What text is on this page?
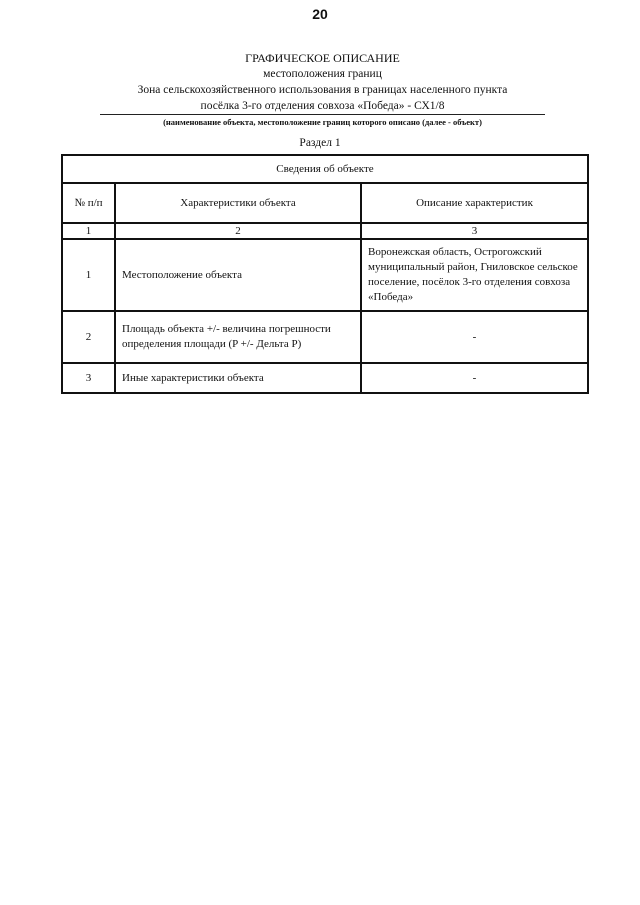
20
ГРАФИЧЕСКОЕ ОПИСАНИЕ
местоположения границ
Зона сельскохозяйственного использования в границах населенного пункта
посёлка 3-го отделения совхоза «Победа» - СХ1/8
(наименование объекта, местоположение границ которого описано (далее - объект)
Раздел 1
Сведения об объекте		
№ п/п	Характеристики объекта	Описание характеристик
1	2	3
1	Местоположение объекта	Воронежская область, Острогожский муниципальный район, Гниловское сельское поселение, посёлок 3-го отделения совхоза «Победа»
2	Площадь объекта +/- величина погрешности определения площади (P +/- Дельта P)	-
3	Иные характеристики объекта	-
